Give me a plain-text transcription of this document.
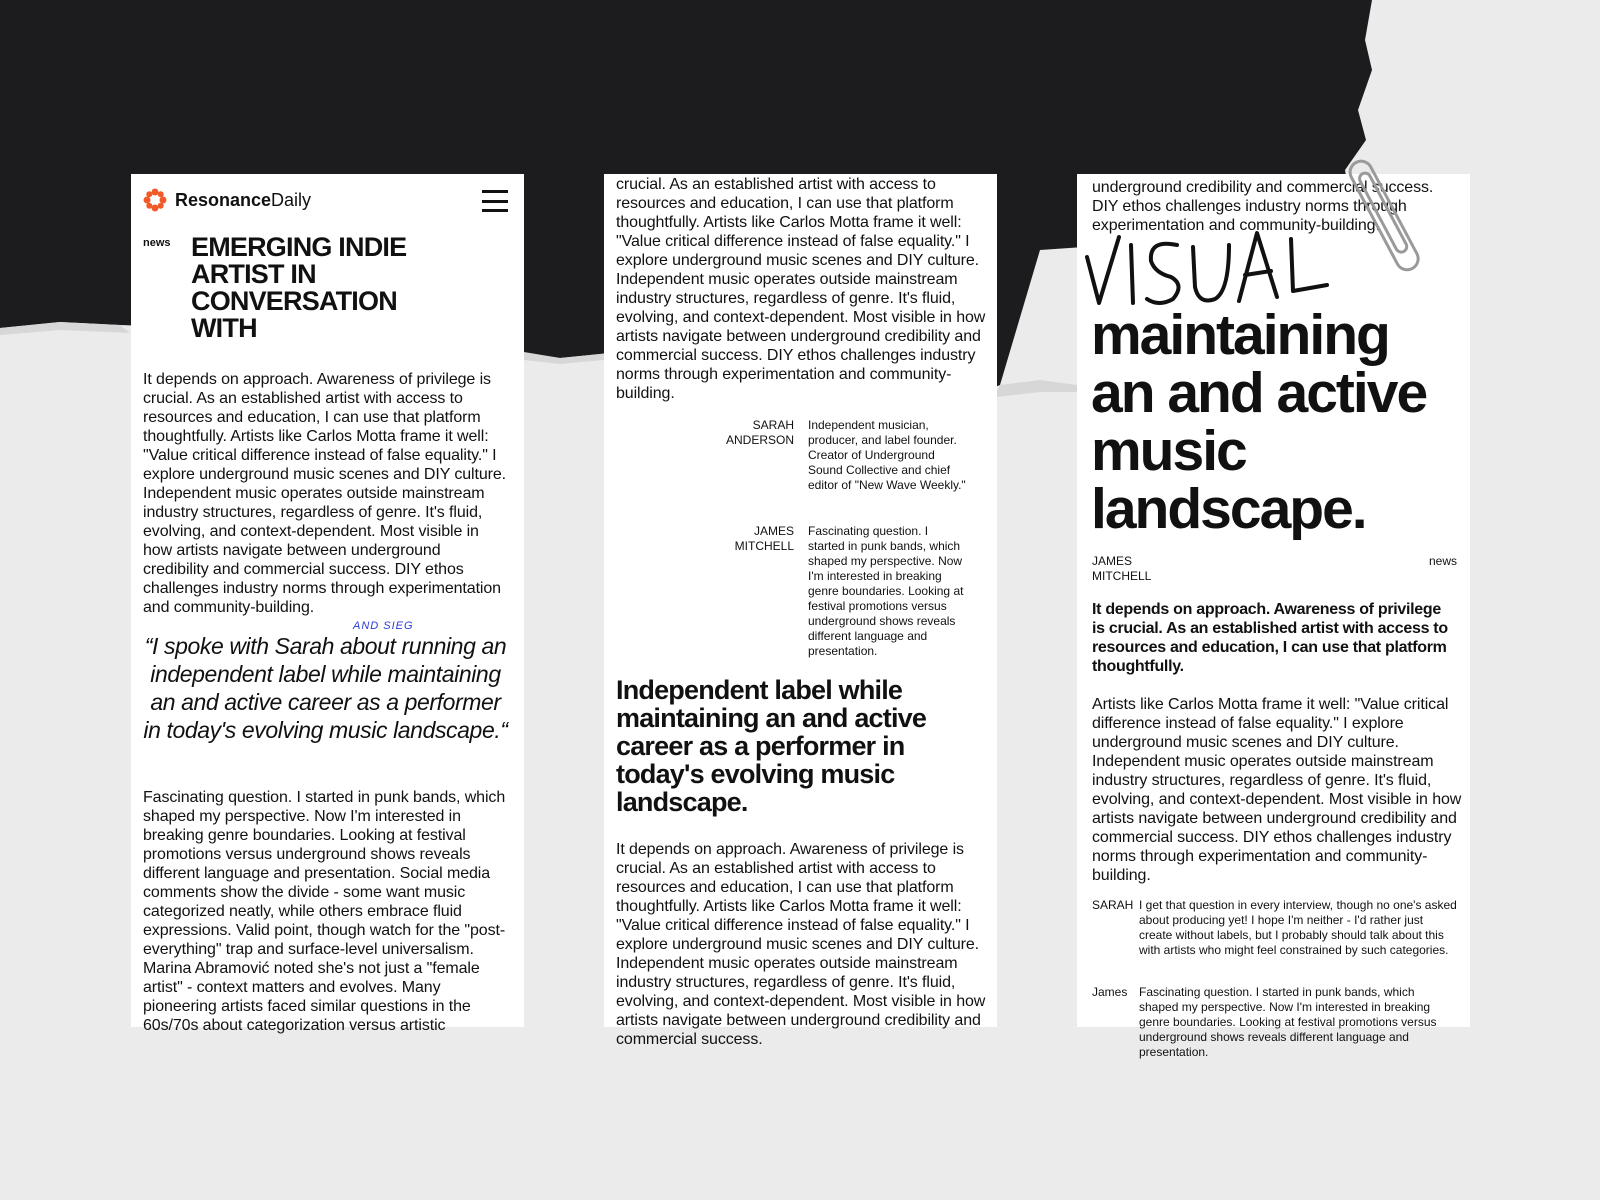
ResonanceDaily
news EMERGING INDIE ARTIST IN CONVERSATION WITH

It depends on approach. Awareness of privilege is crucial. As an established artist with access to resources and education, I can use that platform thoughtfully. Artists like Carlos Motta frame it well: "Value critical difference instead of false equality." I explore underground music scenes and DIY culture. Independent music operates outside mainstream industry structures, regardless of genre. It's fluid, evolving, and context-dependent. Most visible in how artists navigate between underground credibility and commercial success. DIY ethos challenges industry norms through experimentation and community-building.

AND SIEG
“I spoke with Sarah about running an independent label while maintaining an and active career as a performer in today's evolving music landscape.“

Fascinating question. I started in punk bands, which shaped my perspective. Now I'm interested in breaking genre boundaries. Looking at festival promotions versus underground shows reveals different language and presentation. Social media comments show the divide - some want music categorized neatly, while others embrace fluid expressions. Valid point, though watch for the "post-everything" trap and surface-level universalism. Marina Abramović noted she's not just a "female artist" - context matters and evolves. Many pioneering artists faced similar questions in the 60s/70s about categorization versus artistic

crucial. As an established artist with access to resources and education, I can use that platform thoughtfully. Artists like Carlos Motta frame it well: "Value critical difference instead of false equality." I explore underground music scenes and DIY culture. Independent music operates outside mainstream industry structures, regardless of genre. It's fluid, evolving, and context-dependent. Most visible in how artists navigate between underground credibility and commercial success. DIY ethos challenges industry norms through experimentation and community-building.

SARAH ANDERSON
Independent musician, producer, and label founder. Creator of Underground Sound Collective and chief editor of "New Wave Weekly."
JAMES MITCHELL
Fascinating question. I started in punk bands, which shaped my perspective. Now I'm interested in breaking genre boundaries. Looking at festival promotions versus underground shows reveals different language and presentation.
Independent label while maintaining an and active career as a performer in today's evolving music landscape.

It depends on approach. Awareness of privilege is crucial. As an established artist with access to resources and education, I can use that platform thoughtfully. Artists like Carlos Motta frame it well: "Value critical difference instead of false equality." I explore underground music scenes and DIY culture. Independent music operates outside mainstream industry structures, regardless of genre. It's fluid, evolving, and context-dependent. Most visible in how artists navigate between underground credibility and commercial success.

underground credibility and commercial success. DIY ethos challenges industry norms through experimentation and community-building.

maintaining an and active music landscape.
JAMES MITCHELL
news

It depends on approach. Awareness of privilege is crucial. As an established artist with access to resources and education, I can use that platform thoughtfully.

Artists like Carlos Motta frame it well: "Value critical difference instead of false equality." I explore underground music scenes and DIY culture. Independent music operates outside mainstream industry structures, regardless of genre. It's fluid, evolving, and context-dependent. Most visible in how artists navigate between underground credibility and commercial success. DIY ethos challenges industry norms through experimentation and community-building.

SARAH I get that question in every interview, though no one's asked about producing yet! I hope I'm neither - I'd rather just create without labels, but I probably should talk about this with artists who might feel constrained by such categories.
James Fascinating question. I started in punk bands, which shaped my perspective. Now I'm interested in breaking genre boundaries. Looking at festival promotions versus underground shows reveals different language and presentation.
